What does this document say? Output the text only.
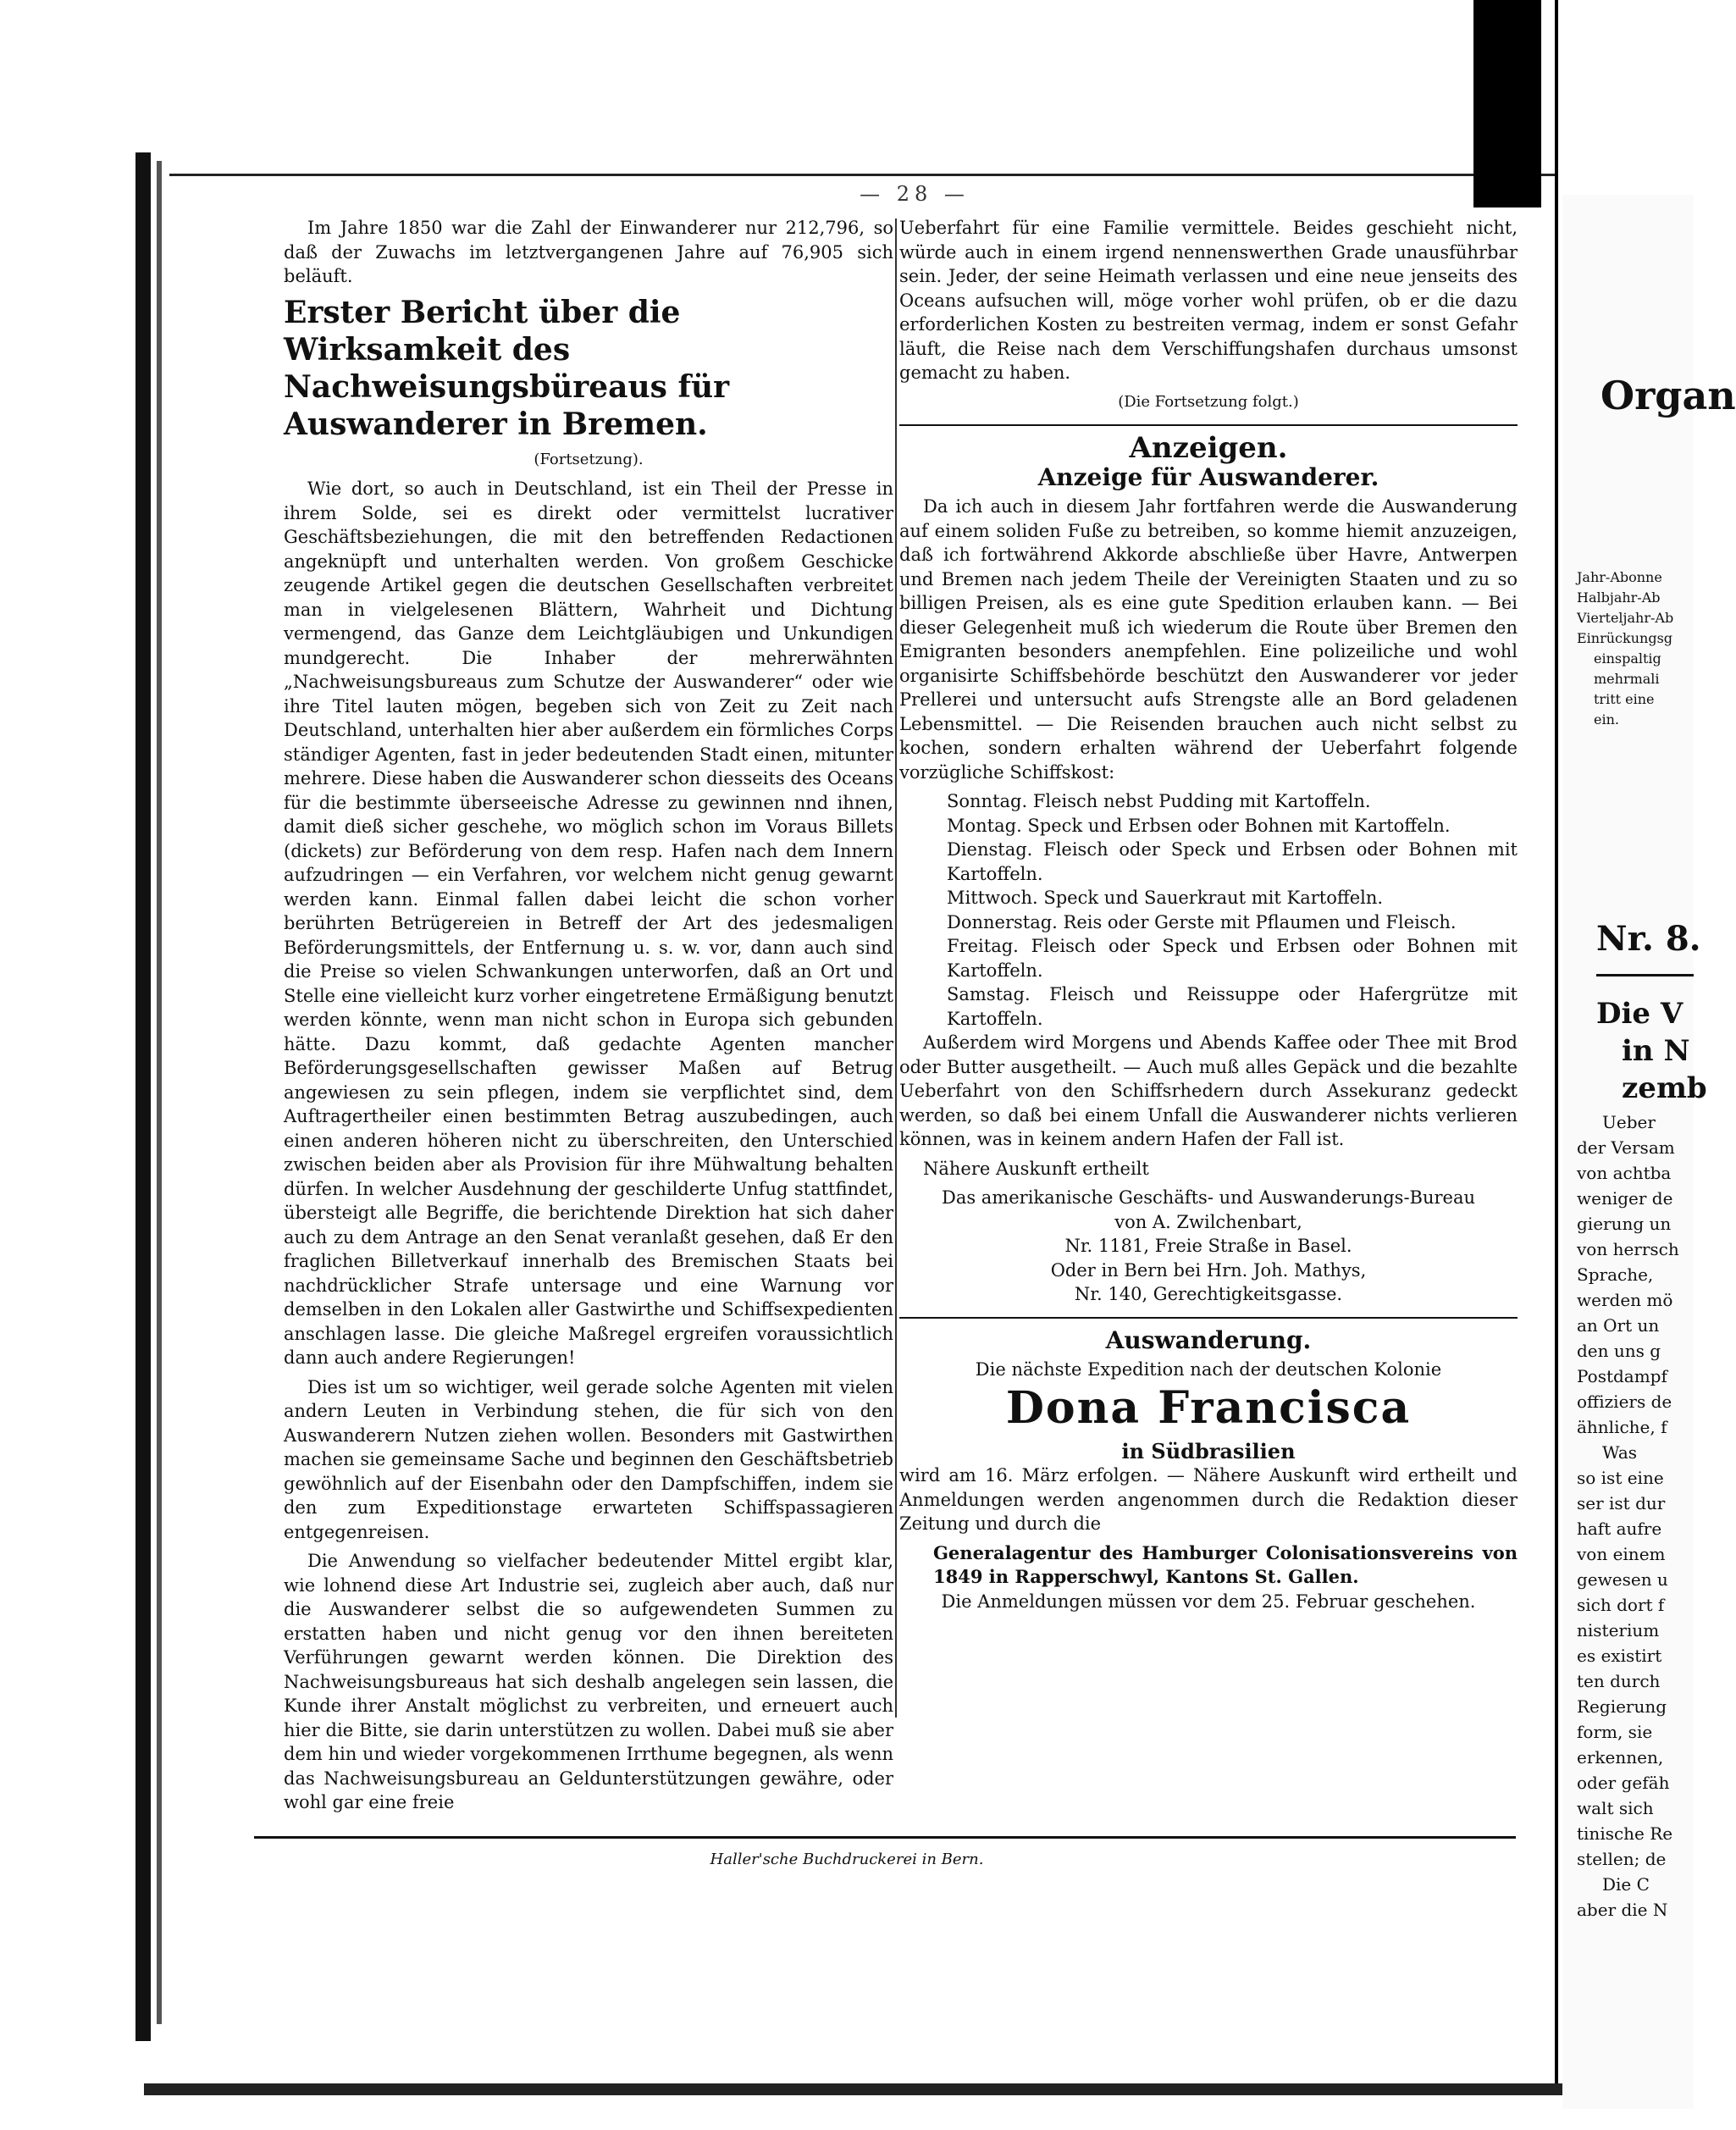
— 28 —

Im Jahre 1850 war die Zahl der Einwanderer nur 212,796, so daß der Zuwachs im letztvergangenen Jahre auf 76,905 sich beläuft.

Erster Bericht über die Wirksamkeit des Nachweisungsbüreaus für Auswanderer in Bremen.

(Fortsetzung).

Wie dort, so auch in Deutschland, ist ein Theil der Presse in ihrem Solde, sei es direkt oder vermittelst lucrativer Geschäftsbeziehungen, die mit den betreffenden Redactionen angeknüpft und unterhalten werden. Von großem Geschicke zeugende Artikel gegen die deutschen Gesellschaften verbreitet man in vielgelesenen Blättern, Wahrheit und Dichtung vermengend, das Ganze dem Leichtgläubigen und Unkundigen mundgerecht. Die Inhaber der mehrerwähnten „Nachweisungsbureaus zum Schutze der Auswanderer“ oder wie ihre Titel lauten mögen, begeben sich von Zeit zu Zeit nach Deutschland, unterhalten hier aber außerdem ein förmliches Corps ständiger Agenten, fast in jeder bedeutenden Stadt einen, mitunter mehrere. Diese haben die Auswanderer schon diesseits des Oceans für die bestimmte überseeische Adresse zu gewinnen nnd ihnen, damit dieß sicher geschehe, wo möglich schon im Voraus Billets (dickets) zur Beförderung von dem resp. Hafen nach dem Innern aufzudringen — ein Verfahren, vor welchem nicht genug gewarnt werden kann. Einmal fallen dabei leicht die schon vorher berührten Betrügereien in Betreff der Art des jedesmaligen Beförderungsmittels, der Entfernung u. s. w. vor, dann auch sind die Preise so vielen Schwankungen unterworfen, daß an Ort und Stelle eine vielleicht kurz vorher eingetretene Ermäßigung benutzt werden könnte, wenn man nicht schon in Europa sich gebunden hätte. Dazu kommt, daß gedachte Agenten mancher Beförderungsgesellschaften gewisser Maßen auf Betrug angewiesen zu sein pflegen, indem sie verpflichtet sind, dem Auftragertheiler einen bestimmten Betrag auszubedingen, auch einen anderen höheren nicht zu überschreiten, den Unterschied zwischen beiden aber als Provision für ihre Mühwaltung behalten dürfen. In welcher Ausdehnung der geschilderte Unfug stattfindet, übersteigt alle Begriffe, die berichtende Direktion hat sich daher auch zu dem Antrage an den Senat veranlaßt gesehen, daß Er den fraglichen Billetverkauf innerhalb des Bremischen Staats bei nachdrücklicher Strafe untersage und eine Warnung vor demselben in den Lokalen aller Gastwirthe und Schiffsexpedienten anschlagen lasse. Die gleiche Maßregel ergreifen voraussichtlich dann auch andere Regierungen!

Dies ist um so wichtiger, weil gerade solche Agenten mit vielen andern Leuten in Verbindung stehen, die für sich von den Auswanderern Nutzen ziehen wollen. Besonders mit Gastwirthen machen sie gemeinsame Sache und beginnen den Geschäftsbetrieb gewöhnlich auf der Eisenbahn oder den Dampfschiffen, indem sie den zum Expeditionstage erwarteten Schiffspassagieren entgegenreisen.

Die Anwendung so vielfacher bedeutender Mittel ergibt klar, wie lohnend diese Art Industrie sei, zugleich aber auch, daß nur die Auswanderer selbst die so aufgewendeten Summen zu erstatten haben und nicht genug vor den ihnen bereiteten Verführungen gewarnt werden können. Die Direktion des Nachweisungsbureaus hat sich deshalb angelegen sein lassen, die Kunde ihrer Anstalt möglichst zu verbreiten, und erneuert auch hier die Bitte, sie darin unterstützen zu wollen. Dabei muß sie aber dem hin und wieder vorgekommenen Irrthume begegnen, als wenn das Nachweisungsbureau an Geldunterstützungen gewähre, oder wohl gar eine freie

Ueberfahrt für eine Familie vermittele. Beides geschieht nicht, würde auch in einem irgend nennenswerthen Grade unausführbar sein. Jeder, der seine Heimath verlassen und eine neue jenseits des Oceans aufsuchen will, möge vorher wohl prüfen, ob er die dazu erforderlichen Kosten zu bestreiten vermag, indem er sonst Gefahr läuft, die Reise nach dem Verschiffungshafen durchaus umsonst gemacht zu haben.

(Die Fortsetzung folgt.)

Anzeigen.

Anzeige für Auswanderer.

Da ich auch in diesem Jahr fortfahren werde die Auswanderung auf einem soliden Fuße zu betreiben, so komme hiemit anzuzeigen, daß ich fortwährend Akkorde abschließe über Havre, Antwerpen und Bremen nach jedem Theile der Vereinigten Staaten und zu so billigen Preisen, als es eine gute Spedition erlauben kann. — Bei dieser Gelegenheit muß ich wiederum die Route über Bremen den Emigranten besonders anempfehlen. Eine polizeiliche und wohl organisirte Schiffsbehörde beschützt den Auswanderer vor jeder Prellerei und untersucht aufs Strengste alle an Bord geladenen Lebensmittel. — Die Reisenden brauchen auch nicht selbst zu kochen, sondern erhalten während der Ueberfahrt folgende vorzügliche Schiffskost:

Sonntag. Fleisch nebst Pudding mit Kartoffeln.

Montag. Speck und Erbsen oder Bohnen mit Kartoffeln.

Dienstag. Fleisch oder Speck und Erbsen oder Bohnen mit Kartoffeln.

Mittwoch. Speck und Sauerkraut mit Kartoffeln.

Donnerstag. Reis oder Gerste mit Pflaumen und Fleisch.

Freitag. Fleisch oder Speck und Erbsen oder Bohnen mit Kartoffeln.

Samstag. Fleisch und Reissuppe oder Hafergrütze mit Kartoffeln.

Außerdem wird Morgens und Abends Kaffee oder Thee mit Brod oder Butter ausgetheilt. — Auch muß alles Gepäck und die bezahlte Ueberfahrt von den Schiffsrhedern durch Assekuranz gedeckt werden, so daß bei einem Unfall die Auswanderer nichts verlieren können, was in keinem andern Hafen der Fall ist.

Nähere Auskunft ertheilt

Das amerikanische Geschäfts- und Auswanderungs-Bureau

von A. Zwilchenbart,

Nr. 1181, Freie Straße in Basel.

Oder in Bern bei Hrn. Joh. Mathys,

Nr. 140, Gerechtigkeitsgasse.

Auswanderung.

Die nächste Expedition nach der deutschen Kolonie

Dona Francisca

in Südbrasilien

wird am 16. März erfolgen. — Nähere Auskunft wird ertheilt und Anmeldungen werden angenommen durch die Redaktion dieser Zeitung und durch die

Generalagentur des Hamburger Colonisationsvereins von 1849 in Rapperschwyl, Kantons St. Gallen.

Die Anmeldungen müssen vor dem 25. Februar geschehen.

Haller'sche Buchdruckerei in Bern.
Organ
Jahr-Abonne
Halbjahr-Ab
Vierteljahr-Ab
Einrückungsg
einspaltig
mehrmali
tritt eine
ein.
Nr. 8.
Die V
in N
zemb
Ueber
der Versam
von achtba
weniger de
gierung un
von herrsch
Sprache,
werden mö
an Ort un
den uns g
Postdampf
offiziers de
ähnliche, f
Was
so ist eine
ser ist dur
haft aufre
von einem
gewesen u
sich dort f
nisterium
es existirt
ten durch
Regierung
form, sie
erkennen,
oder gefäh
walt sich
tinische Re
stellen; de
Die C
aber die N
